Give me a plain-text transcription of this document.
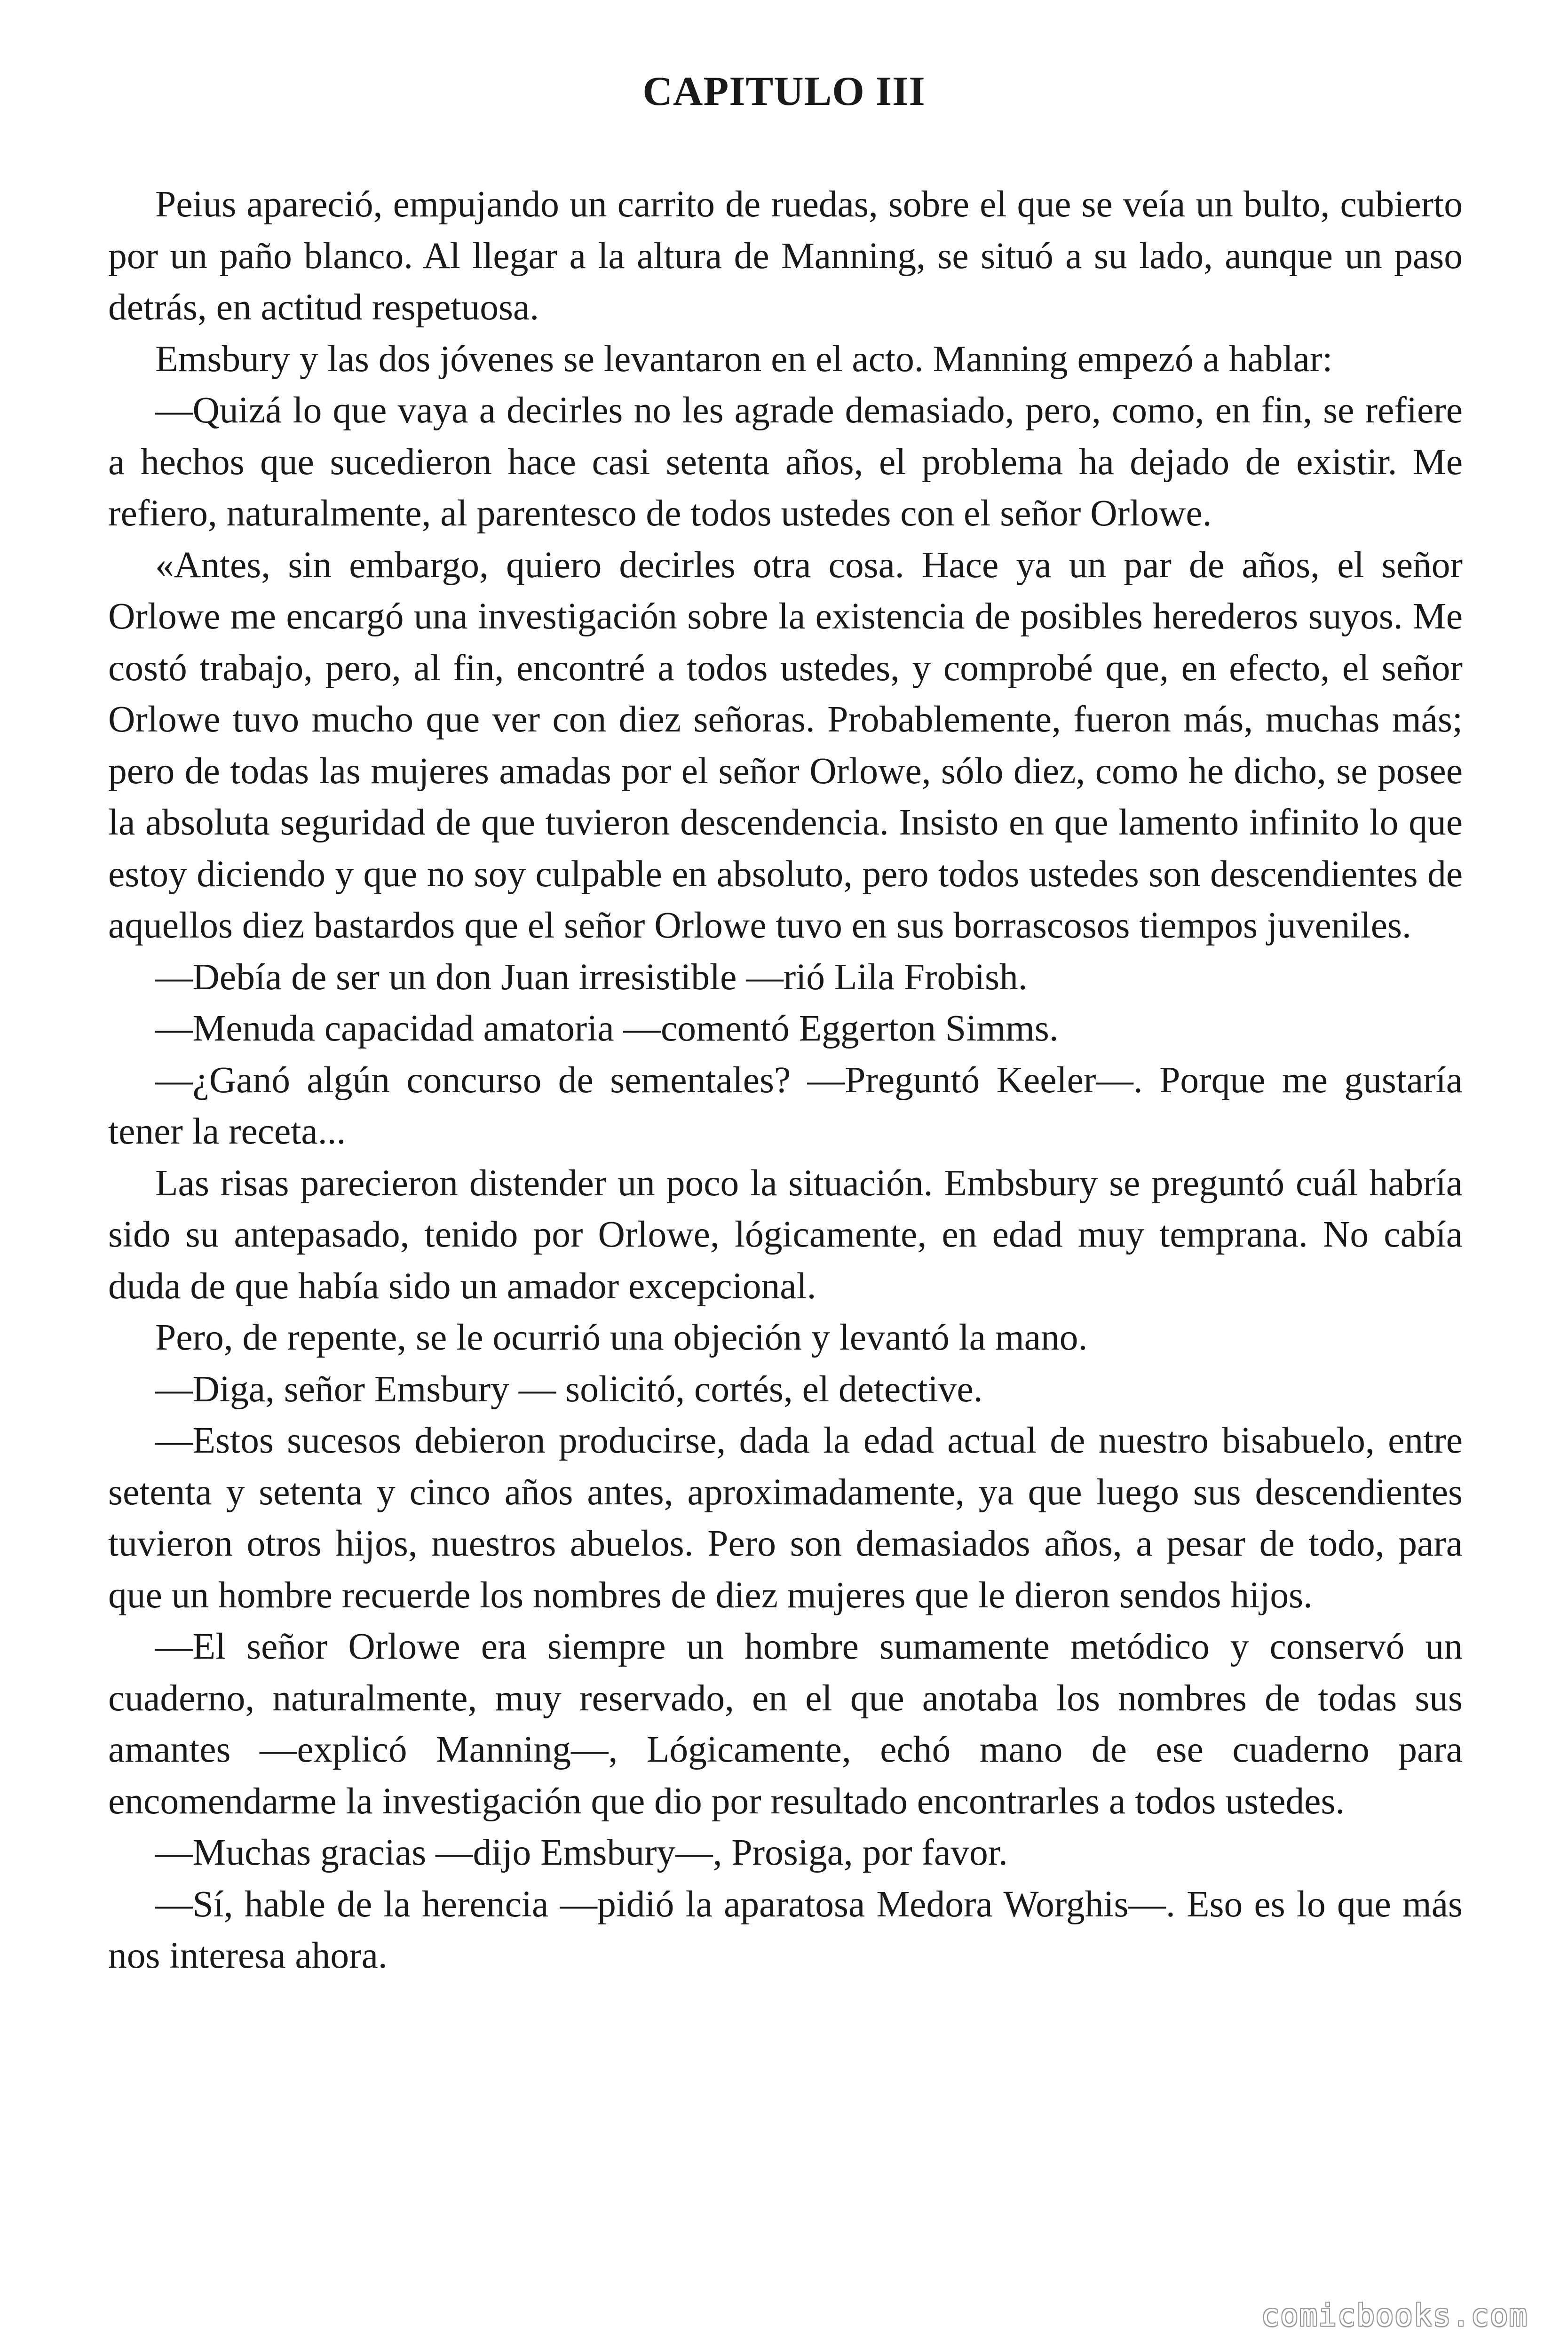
CAPITULO III

Peius apareció, empujando un carrito de ruedas, sobre el que se veía un bulto, cubierto por un paño blanco. Al llegar a la altura de Manning, se situó a su lado, aunque un paso detrás, en actitud respetuosa.

Emsbury y las dos jóvenes se levantaron en el acto. Manning empezó a hablar:

—Quizá lo que vaya a decirles no les agrade demasiado, pero, como, en fin, se refiere a hechos que sucedieron hace casi setenta años, el problema ha dejado de existir. Me refiero, naturalmente, al parentesco de todos ustedes con el señor Orlowe.

«Antes, sin embargo, quiero decirles otra cosa. Hace ya un par de años, el señor Orlowe me encargó una investigación sobre la existencia de posibles herederos suyos. Me costó trabajo, pero, al fin, encontré a todos ustedes, y comprobé que, en efecto, el señor Orlowe tuvo mucho que ver con diez señoras. Probablemente, fueron más, muchas más; pero de todas las mujeres amadas por el señor Orlowe, sólo diez, como he dicho, se posee la absoluta seguridad de que tuvieron descendencia. Insisto en que lamento infinito lo que estoy diciendo y que no soy culpable en absoluto, pero todos ustedes son descendientes de aquellos diez bastardos que el señor Orlowe tuvo en sus borrascosos tiempos juveniles.

—Debía de ser un don Juan irresistible —rió Lila Frobish.

—Menuda capacidad amatoria —comentó Eggerton Simms.

—¿Ganó algún concurso de sementales? —Preguntó Keeler—. Porque me gustaría tener la receta...

Las risas parecieron distender un poco la situación. Embsbury se preguntó cuál habría sido su antepasado, tenido por Orlowe, lógicamente, en edad muy temprana. No cabía duda de que había sido un amador excepcional.

Pero, de repente, se le ocurrió una objeción y levantó la mano.

—Diga, señor Emsbury — solicitó, cortés, el detective.

—Estos sucesos debieron producirse, dada la edad actual de nuestro bisabuelo, entre setenta y setenta y cinco años antes, aproximadamente, ya que luego sus descendientes tuvieron otros hijos, nuestros abuelos. Pero son demasiados años, a pesar de todo, para que un hombre recuerde los nombres de diez mujeres que le dieron sendos hijos.

—El señor Orlowe era siempre un hombre sumamente metódico y conservó un cuaderno, naturalmente, muy reservado, en el que anotaba los nombres de todas sus amantes —explicó Manning—, Lógicamente, echó mano de ese cuaderno para encomendarme la investigación que dio por resultado encontrarles a todos ustedes.

—Muchas gracias —dijo Emsbury—, Prosiga, por favor.

—Sí, hable de la herencia —pidió la aparatosa Medora Worghis—. Eso es lo que más nos interesa ahora.

comicbooks.com
